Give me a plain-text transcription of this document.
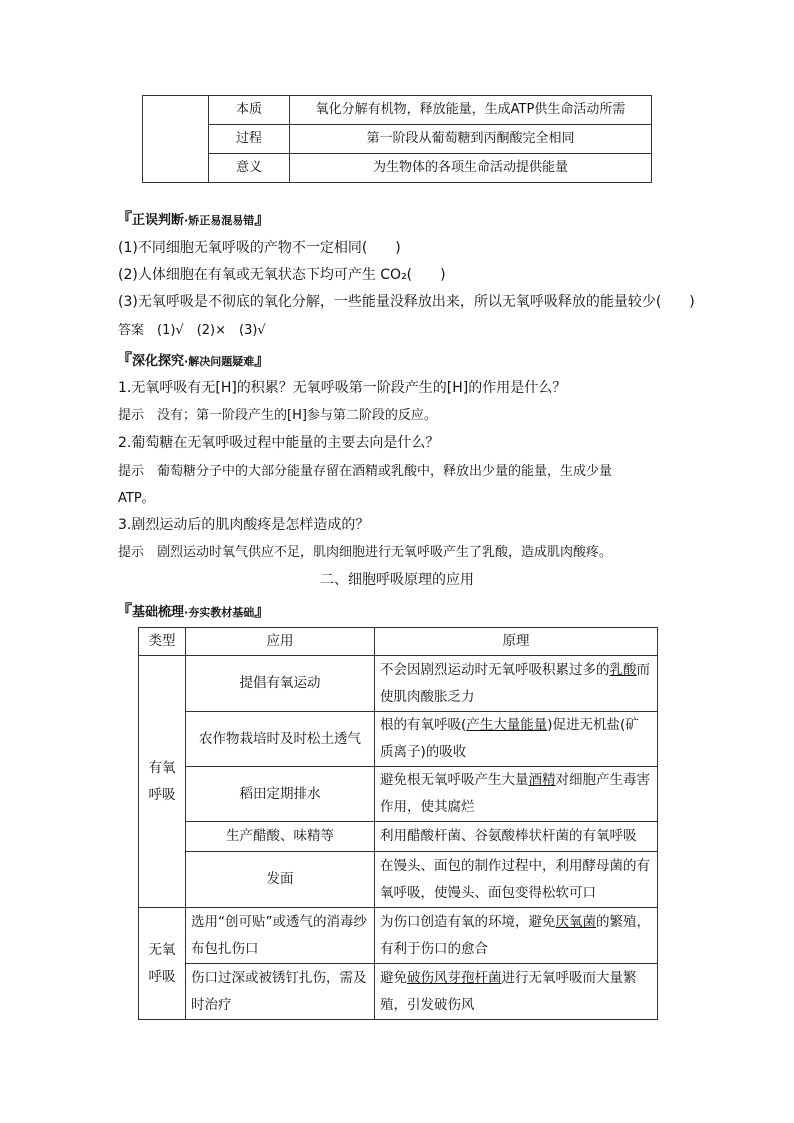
	本质	氧化分解有机物，释放能量，生成ATP供生命活动所需
	过程	第一阶段从葡萄糖到丙酮酸完全相同
	意义	为生物体的各项生命活动提供能量
『正误判断·矫正易混易错』
(1)不同细胞无氧呼吸的产物不一定相同(　　)
(2)人体细胞在有氧或无氧状态下均可产生 CO₂(　　)
(3)无氧呼吸是不彻底的氧化分解，一些能量没释放出来，所以无氧呼吸释放的能量较少(　　)
答案　(1)√　(2)×　(3)√
『深化探究·解决问题疑难』
1.无氧呼吸有无[H]的积累？无氧呼吸第一阶段产生的[H]的作用是什么？
提示　没有；第一阶段产生的[H]参与第二阶段的反应。
2.葡萄糖在无氧呼吸过程中能量的主要去向是什么？
提示　葡萄糖分子中的大部分能量存留在酒精或乳酸中，释放出少量的能量，生成少量
ATP。
3.剧烈运动后的肌肉酸疼是怎样造成的？
提示　剧烈运动时氧气供应不足，肌肉细胞进行无氧呼吸产生了乳酸，造成肌肉酸疼。
二、细胞呼吸原理的应用
『基础梳理·夯实教材基础』
类型	应用	原理

有氧
呼吸	提倡有氧运动	不会因剧烈运动时无氧呼吸积累过多的乳酸而使肌肉酸胀乏力
	农作物栽培时及时松土透气	根的有氧呼吸(产生大量能量)促进无机盐(矿质离子)的吸收
	稻田定期排水	避免根无氧呼吸产生大量酒精对细胞产生毒害作用，使其腐烂
	生产醋酸、味精等	利用醋酸杆菌、谷氨酸棒状杆菌的有氧呼吸
	发面	在馒头、面包的制作过程中，利用酵母菌的有氧呼吸，使馒头、面包变得松软可口

无氧
呼吸	选用“创可贴”或透气的消毒纱布包扎伤口	为伤口创造有氧的环境，避免厌氧菌的繁殖，有利于伤口的愈合
	伤口过深或被锈钉扎伤，需及时治疗	避免破伤风芽孢杆菌进行无氧呼吸而大量繁殖，引发破伤风
